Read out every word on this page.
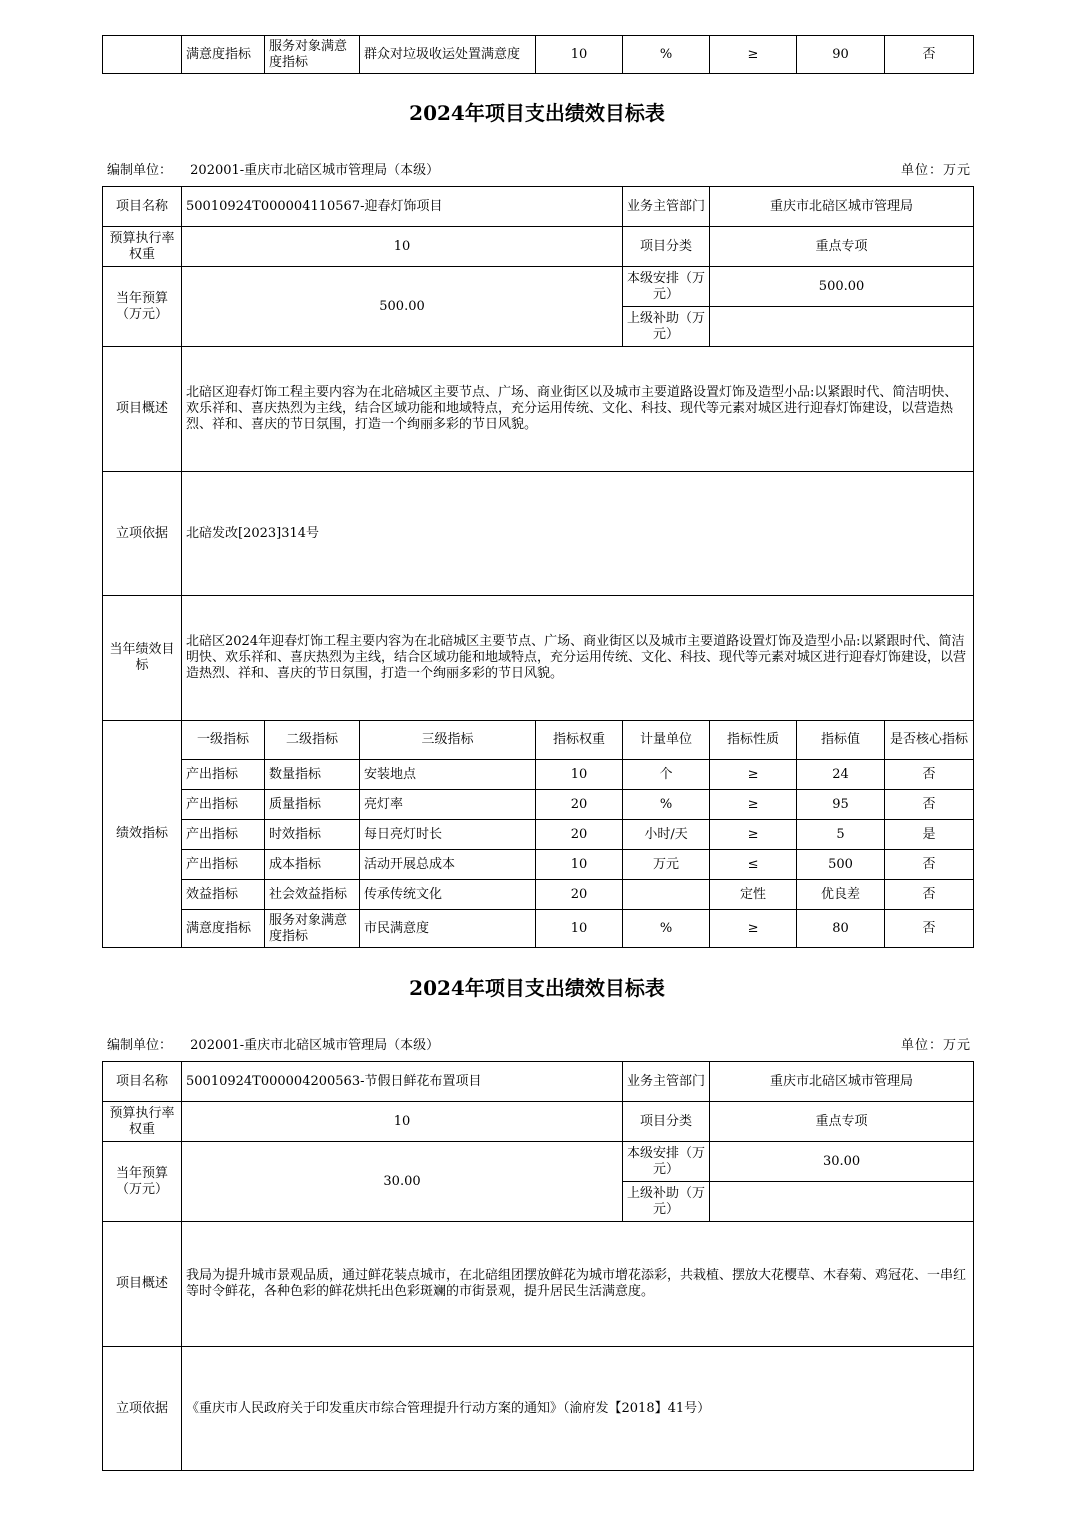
	满意度指标	服务对象满意度指标	群众对垃圾收运处置满意度	10	%	≥	90	否
2024年项目支出绩效目标表
编制单位： 202001-重庆市北碚区城市管理局（本级）	单位：万元
项目名称	50010924T000004110567-迎春灯饰项目				业务主管部门	重庆市北碚区城市管理局		
预算执行率权重	10				项目分类	重点专项		
当年预算（万元）	500.00				本级安排（万元）	500.00		
					上级补助（万元）			
项目概述	北碚区迎春灯饰工程主要内容为在北碚城区主要节点、广场、商业街区以及城市主要道路设置灯饰及造型小品:以紧跟时代、简洁明快、欢乐祥和、喜庆热烈为主线，结合区域功能和地域特点，充分运用传统、文化、科技、现代等元素对城区进行迎春灯饰建设，以营造热烈、祥和、喜庆的节日氛围，打造一个绚丽多彩的节日风貌。							
立项依据	北碚发改[2023]314号							
当年绩效目标	北碚区2024年迎春灯饰工程主要内容为在北碚城区主要节点、广场、商业街区以及城市主要道路设置灯饰及造型小品:以紧跟时代、简洁明快、欢乐祥和、喜庆热烈为主线，结合区域功能和地域特点，充分运用传统、文化、科技、现代等元素对城区进行迎春灯饰建设，以营造热烈、祥和、喜庆的节日氛围，打造一个绚丽多彩的节日风貌。							
绩效指标	一级指标	二级指标	三级指标	指标权重	计量单位	指标性质	指标值	是否核心指标
	产出指标	数量指标	安装地点	10	个	≥	24	否
	产出指标	质量指标	亮灯率	20	%	≥	95	否
	产出指标	时效指标	每日亮灯时长	20	小时/天	≥	5	是
	产出指标	成本指标	活动开展总成本	10	万元	≤	500	否
	效益指标	社会效益指标	传承传统文化	20		定性	优良差	否
	满意度指标	服务对象满意度指标	市民满意度	10	%	≥	80	否
2024年项目支出绩效目标表
编制单位： 202001-重庆市北碚区城市管理局（本级）	单位：万元
项目名称	50010924T000004200563-节假日鲜花布置项目	业务主管部门	重庆市北碚区城市管理局
预算执行率权重	10	项目分类	重点专项
当年预算（万元）	30.00	本级安排（万元）	30.00
		上级补助（万元）	
项目概述	我局为提升城市景观品质，通过鲜花装点城市，在北碚组团摆放鲜花为城市增花添彩，共栽植、摆放大花樱草、木春菊、鸡冠花、一串红等时令鲜花，各种色彩的鲜花烘托出色彩斑斓的市街景观，提升居民生活满意度。		
立项依据	《重庆市人民政府关于印发重庆市综合管理提升行动方案的通知》（渝府发【2018】41号）		
